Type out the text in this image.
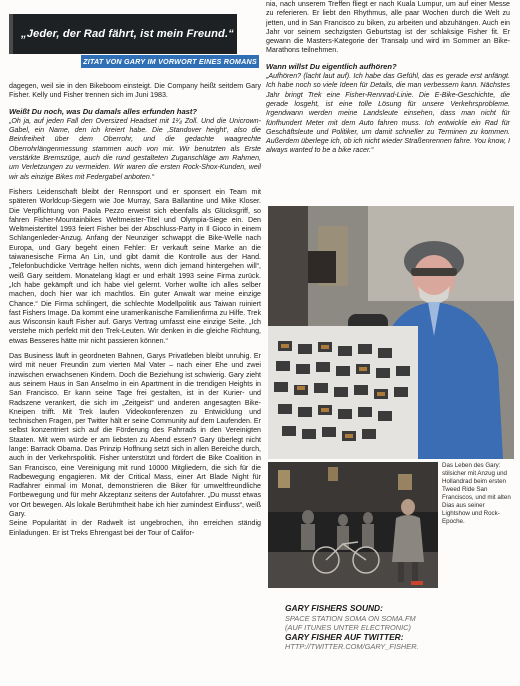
„Jeder, der Rad fährt, ist mein Freund.“
ZITAT VON GARY IM VORWORT EINES ROMANS

dagegen, weil sie in den Bikeboom einsteigt. Die Company heißt seitdem Gary Fisher. Kelly und Fisher trennen sich im Juni 1983.

Weißt Du noch, was Du damals alles erfunden hast?

„Oh ja, auf jeden Fall den Oversized Headset mit 1¹⁄₄ Zoll. Und die Unicrown-Gabel, ein Name, den ich kreiert habe. Die ‚Standover height‘, also die Beinfreiheit über dem Oberrohr, und die gedachte waagrechte Oberrohrlängenmessung stammen auch von mir. Wir benutzten als Erste verstärkte Bremszüge, auch die rund gestalteten Zuganschläge am Rahmen, um Verletzungen zu vermeiden. Wir waren die ersten Rock-Shox-Kunden, weil wir als einzige Bikes mit Federgabel anboten.“

Fishers Leidenschaft bleibt der Rennsport und er sponsert ein Team mit späteren Worldcup-Siegern wie Joe Murray, Sara Ballantine und Mike Kloser. Die Verpflichtung von Paola Pezzo erweist sich ebenfalls als Glücksgriff, so fahren Fisher-Mountainbikes Weltmeister-Titel und Olympia-Siege ein. Den Weltmeistertitel 1993 feiert Fisher bei der Abschluss-Party in Il Gioco in einem Schlangenleder-Anzug. Anfang der Neunziger schwappt die Bike-Welle nach Europa, und Gary begeht einen Fehler: Er verkauft seine Marke an die taiwanesische Firma An Lin, und gibt damit die Kontrolle aus der Hand. „Telefonbuchdicke Verträge helfen nichts, wenn dich jemand hintergehen will“, weiß Gary seitdem. Monatelang klagt er und erhält 1993 seine Firma zurück. „Ich habe gekämpft und ich habe viel gelernt. Vorher wollte ich alles selber machen, doch hier war ich machtlos. Ein guter Anwalt war meine einzige Chance.“ Die Firma schlingert, die schlechte Modellpolitik aus Taiwan ruiniert fast Fishers Image. Da kommt eine uramerikanische Familienfirma zu Hilfe. Trek aus Wisconsin kauft Fisher auf. Garys Vertrag umfasst eine einzige Seite. „Ich verstehe mich perfekt mit den Trek-Leuten. Wir denken in die gleiche Richtung, etwas Besseres hätte mir nicht passieren können.“

Das Business läuft in geordneten Bahnen, Garys Privatleben bleibt unruhig. Er wird mit neuer Freundin zum vierten Mal Vater – nach einer Ehe und zwei inzwischen erwachsenen Kindern. Doch die Beziehung ist schwierig. Gary zieht aus seinem Haus in San Anselmo in ein Apartment in die trendigen Heights in San Francisco. Er kann seine Tage frei gestalten, ist in der Kurier- und Radszene verankert, die sich im „Zeitgeist“ und anderen angesagten Bike-Kneipen trifft. Mit Trek laufen Videokonferenzen zu Entwicklung und technischen Fragen, per Twitter hält er seine Community auf dem Laufenden. Er selbst konzentriert sich auf die Förderung des Fahrrads in den Vereinigten Staaten. Mit wem würde er am liebsten zu Abend essen? Gary überlegt nicht lange: Barrack Obama. Das Prinzip Hoffnung setzt sich in allen Bereiche durch, auch in der Verkehrspolitik. Fisher unterstützt und fördert die Bike Coalition in San Francisco, eine Vereinigung mit rund 10000 Mitgliedern, die sich für die Radbewegung engagieren. Mit der Critical Mass, einer Art Blade Night für Radfahrer einmal im Monat, demonstrieren die Biker für umweltfreundliche Fortbewegung und für mehr Akzeptanz seitens der Autofahrer. „Du musst etwas vor Ort bewegen. Als lokale Berühmtheit habe ich hier zumindest Einfluss“, weiß Gary.

Seine Popularität in der Radwelt ist ungebrochen, ihn erreichen ständig Einladungen. Er ist Treks Ehrengast bei der Tour of Califor-

nia, nach unserem Treffen fliegt er nach Kuala Lumpur, um auf einer Messe zu referieren. Er liebt den Rhythmus, alle paar Wochen durch die Welt zu jetten, und in San Francisco zu biken, zu arbeiten und abzuhängen. Auch ein Jahr vor seinem sechzigsten Geburtstag ist der schlaksige Fisher fit. Er gewann die Masters-Kategorie der Transalp und wird im Sommer an Bike-Marathons teilnehmen.

Wann willst Du eigentlich aufhören?

„Aufhören? (lacht laut auf). Ich habe das Gefühl, das es gerade erst anfängt. Ich habe noch so viele Ideen für Details, die man verbessern kann. Nächstes Jahr bringt Trek eine Fisher-Rennrad-Linie. Die E-Bike-Geschichte, die gerade losgeht, ist eine tolle Lösung für unsere Verkehrsprobleme. Irgendwann werden meine Landsleute einsehen, dass man nicht für fünfhundert Meter mit dem Auto fahren muss. Ich entwickle ein Rad für Geschäftsleute und Politiker, um damit schneller zu Terminen zu kommen. Außerdem überlege ich, ob ich nicht wieder Straßenrennen fahre. You know, I always wanted to be a bike racer.“

Das Leben des Gary: stilsicher mit Anzug und Hollandrad beim ersten Tweed Ride San Franciscos, und mit alten Dias aus seiner Lightshow und Rock-Epoche.
GARY FISHERS SOUND:
SPACE STATION SOMA ON SOMA.FM
(AUF ITUNES UNTER ELECTRONIC)
GARY FISHER AUF TWITTER:
HTTP://TWITTER.COM/GARY_FISHER.
